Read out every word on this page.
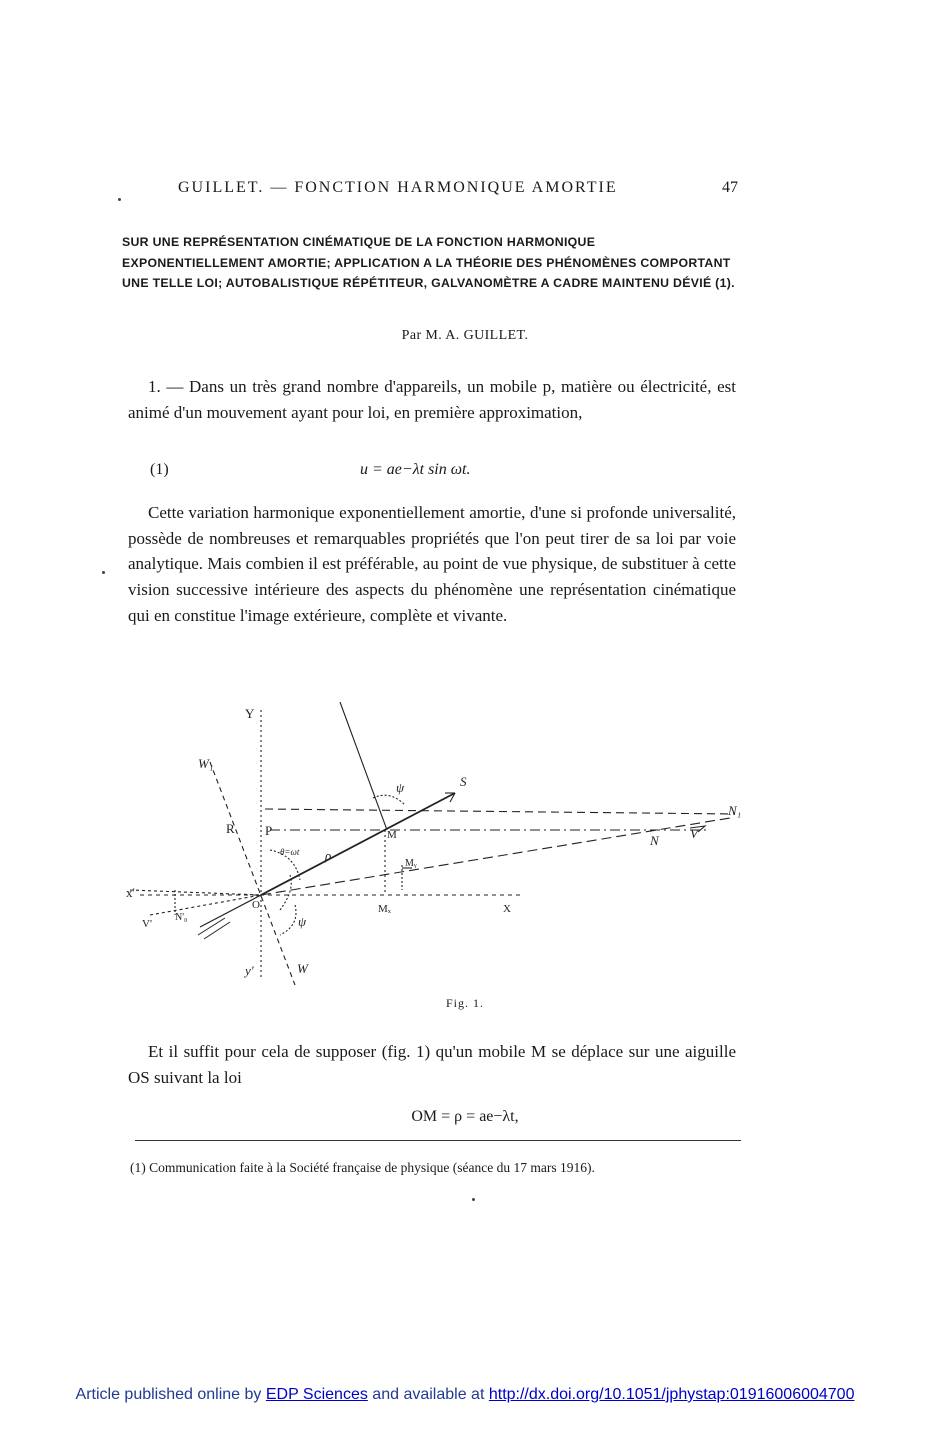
GUILLET. — FONCTION HARMONIQUE AMORTIE	47
SUR UNE REPRÉSENTATION CINÉMATIQUE DE LA FONCTION HARMONIQUE EXPONENTIELLEMENT AMORTIE; APPLICATION A LA THÉORIE DES PHÉNOMÈNES COMPORTANT UNE TELLE LOI; AUTOBALISTIQUE RÉPÉTITEUR, GALVANOMÈTRE A CADRE MAINTENU DÉVIÉ (1).
Par M. A. GUILLET.

1. — Dans un très grand nombre d'appareils, un mobile p, matière ou électricité, est animé d'un mouvement ayant pour loi, en première approximation,

(1)	u = ae−λt sin ωt.

Cette variation harmonique exponentiellement amortie, d'une si profonde universalité, possède de nombreuses et remarquables propriétés que l'on peut tirer de sa loi par voie analytique. Mais combien il est préférable, au point de vue physique, de substituer à cette vision successive intérieure des aspects du phénomène une représentation cinématique qui en constitue l'image extérieure, complète et vivante.

Y
W₁
S
ψ
R P	M
N₁
V
N
θ=ωt ρ
Mᵧ
x'
O	Mₓ	X
N'₀
V'	ψ
y'	W
Fig. 1.

Et il suffit pour cela de supposer (fig. 1) qu'un mobile M se déplace sur une aiguille OS suivant la loi

OM = ρ = ae−λt,
(1) Communication faite à la Société française de physique (séance du 17 mars 1916).
Article published online by EDP Sciences and available at http://dx.doi.org/10.1051/jphystap:01916006004700
